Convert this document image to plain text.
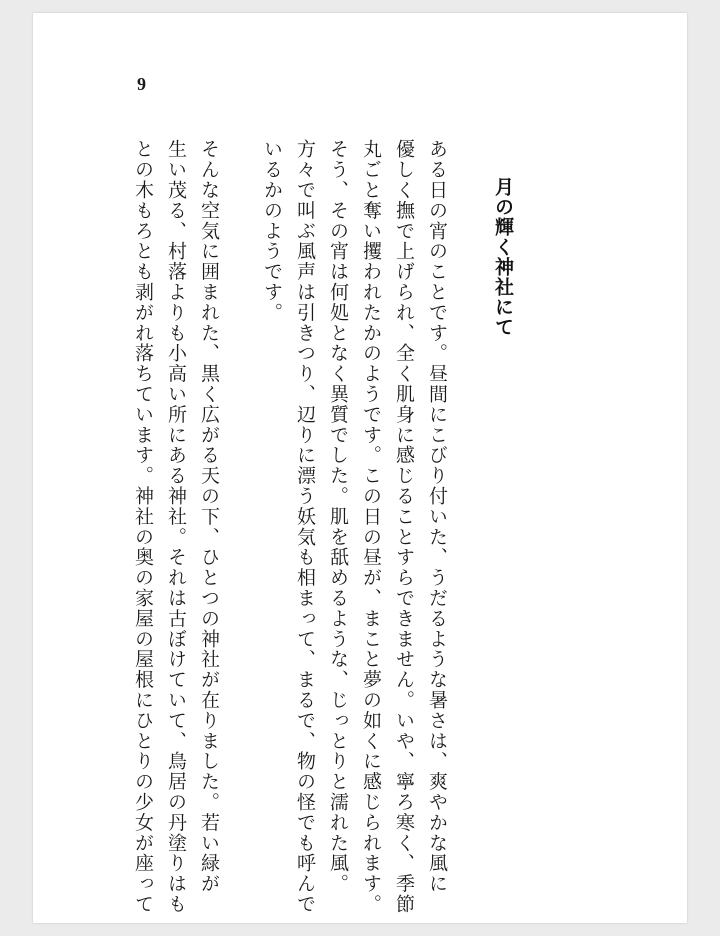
9

月の輝く神社にて
ある日の宵のことです。昼間にこびり付いた、うだるような暑さは、爽やかな風に
優しく撫で上げられ、全く肌身に感じることすらできません。いや、寧ろ寒く、季節
丸ごと奪い攫われたかのようです。この日の昼が、まこと夢の如くに感じられます。
そう、その宵は何処となく異質でした。肌を舐めるような、じっとりと濡れた風。
方々で叫ぶ風声は引きつり、辺りに漂う妖気も相まって、まるで、物の怪でも呼んで
いるかのようです。
そんな空気に囲まれた、黒く広がる天の下、ひとつの神社が在りました。若い緑が
生い茂る、村落よりも小高い所にある神社。それは古ぼけていて、鳥居の丹塗りはも
との木もろとも剥がれ落ちています。神社の奥の家屋の屋根にひとりの少女が座って
